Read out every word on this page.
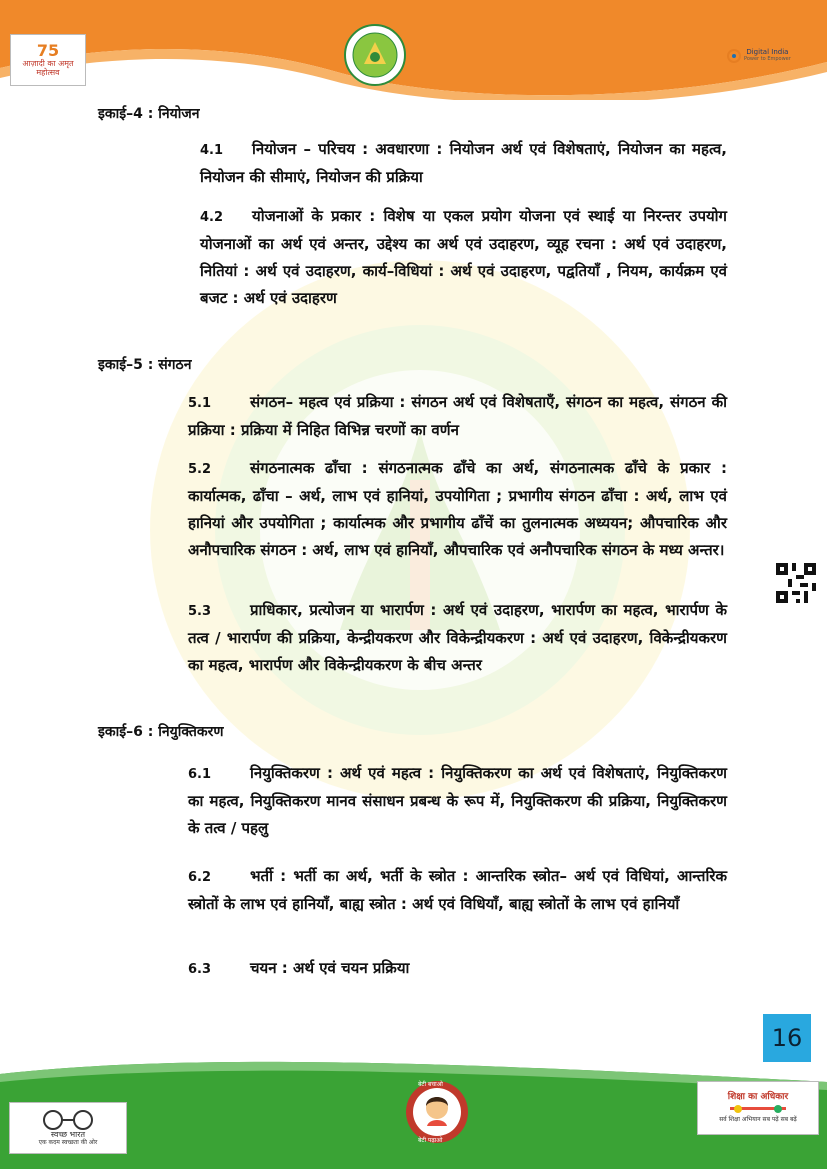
75
आज़ादी का अमृत महोत्सव
Digital India
Power to Empower
इकाई–4 : नियोजन
4.1 नियोजन – परिचय : अवधारणा : नियोजन अर्थ एवं विशेषताएं, नियोजन का महत्व, नियोजन की सीमाएं, नियोजन की प्रक्रिया
4.2 योजनाओं के प्रकार : विशेष या एकल प्रयोग योजना एवं स्थाई या निरन्तर उपयोग योजनाओं का अर्थ एवं अन्तर, उद्देश्य का अर्थ एवं उदाहरण, व्यूह रचना : अर्थ एवं उदाहरण, नितियां : अर्थ एवं उदाहरण, कार्य–विधियां : अर्थ एवं उदाहरण, पद्वतियाँ , नियम, कार्यक्रम एवं बजट : अर्थ एवं उदाहरण
इकाई–5 : संगठन
5.1	संगठन– महत्व एवं प्रक्रिया : संगठन अर्थ एवं विशेषताएँ, संगठन का महत्व, संगठन की प्रक्रिया : प्रक्रिया में निहित विभिन्न चरणों का वर्णन
5.2	संगठनात्मक ढाँचा : संगठनात्मक ढाँचे का अर्थ, संगठनात्मक ढाँचे के प्रकार : कार्यात्मक, ढाँचा – अर्थ, लाभ एवं हानियां, उपयोगिता ; प्रभागीय संगठन ढाँचा : अर्थ, लाभ एवं हानियां और उपयोगिता ; कार्यात्मक और प्रभागीय ढाँचें का तुलनात्मक अध्ययन; औपचारिक और अनौपचारिक संगठन : अर्थ, लाभ एवं हानियाँ, औपचारिक एवं अनौपचारिक संगठन के मध्य अन्तर।
5.3	प्राधिकार, प्रत्योजन या भारार्पण : अर्थ एवं उदाहरण, भारार्पण का महत्व, भारार्पण के तत्व / भारार्पण की प्रक्रिया, केन्द्रीयकरण और विकेन्द्रीयकरण : अर्थ एवं उदाहरण, विकेन्द्रीयकरण का महत्व, भारार्पण और विकेन्द्रीयकरण के बीच अन्तर
इकाई–6 : नियुक्तिकरण
6.1	नियुक्तिकरण : अर्थ एवं महत्व : नियुक्तिकरण का अर्थ एवं विशेषताएं, नियुक्तिकरण का महत्व, नियुक्तिकरण मानव संसाधन प्रबन्ध के रूप में, नियुक्तिकरण की प्रक्रिया, नियुक्तिकरण के तत्व / पहलु
6.2	भर्ती : भर्ती का अर्थ, भर्ती के स्त्रोत : आन्तरिक स्त्रोत– अर्थ एवं विधियां, आन्तरिक स्त्रोतों के लाभ एवं हानियाँ, बाह्य स्त्रोत : अर्थ एवं विधियाँ, बाह्य स्त्रोतों के लाभ एवं हानियाँ
6.3	चयन : अर्थ एवं चयन प्रक्रिया
16
स्वच्छ भारत
एक कदम स्वच्छता की ओर
बेटी बचाओ
बेटी पढ़ाओ
शिक्षा का अधिकार
सर्व शिक्षा अभियान सब पढ़ें सब बढ़ें
